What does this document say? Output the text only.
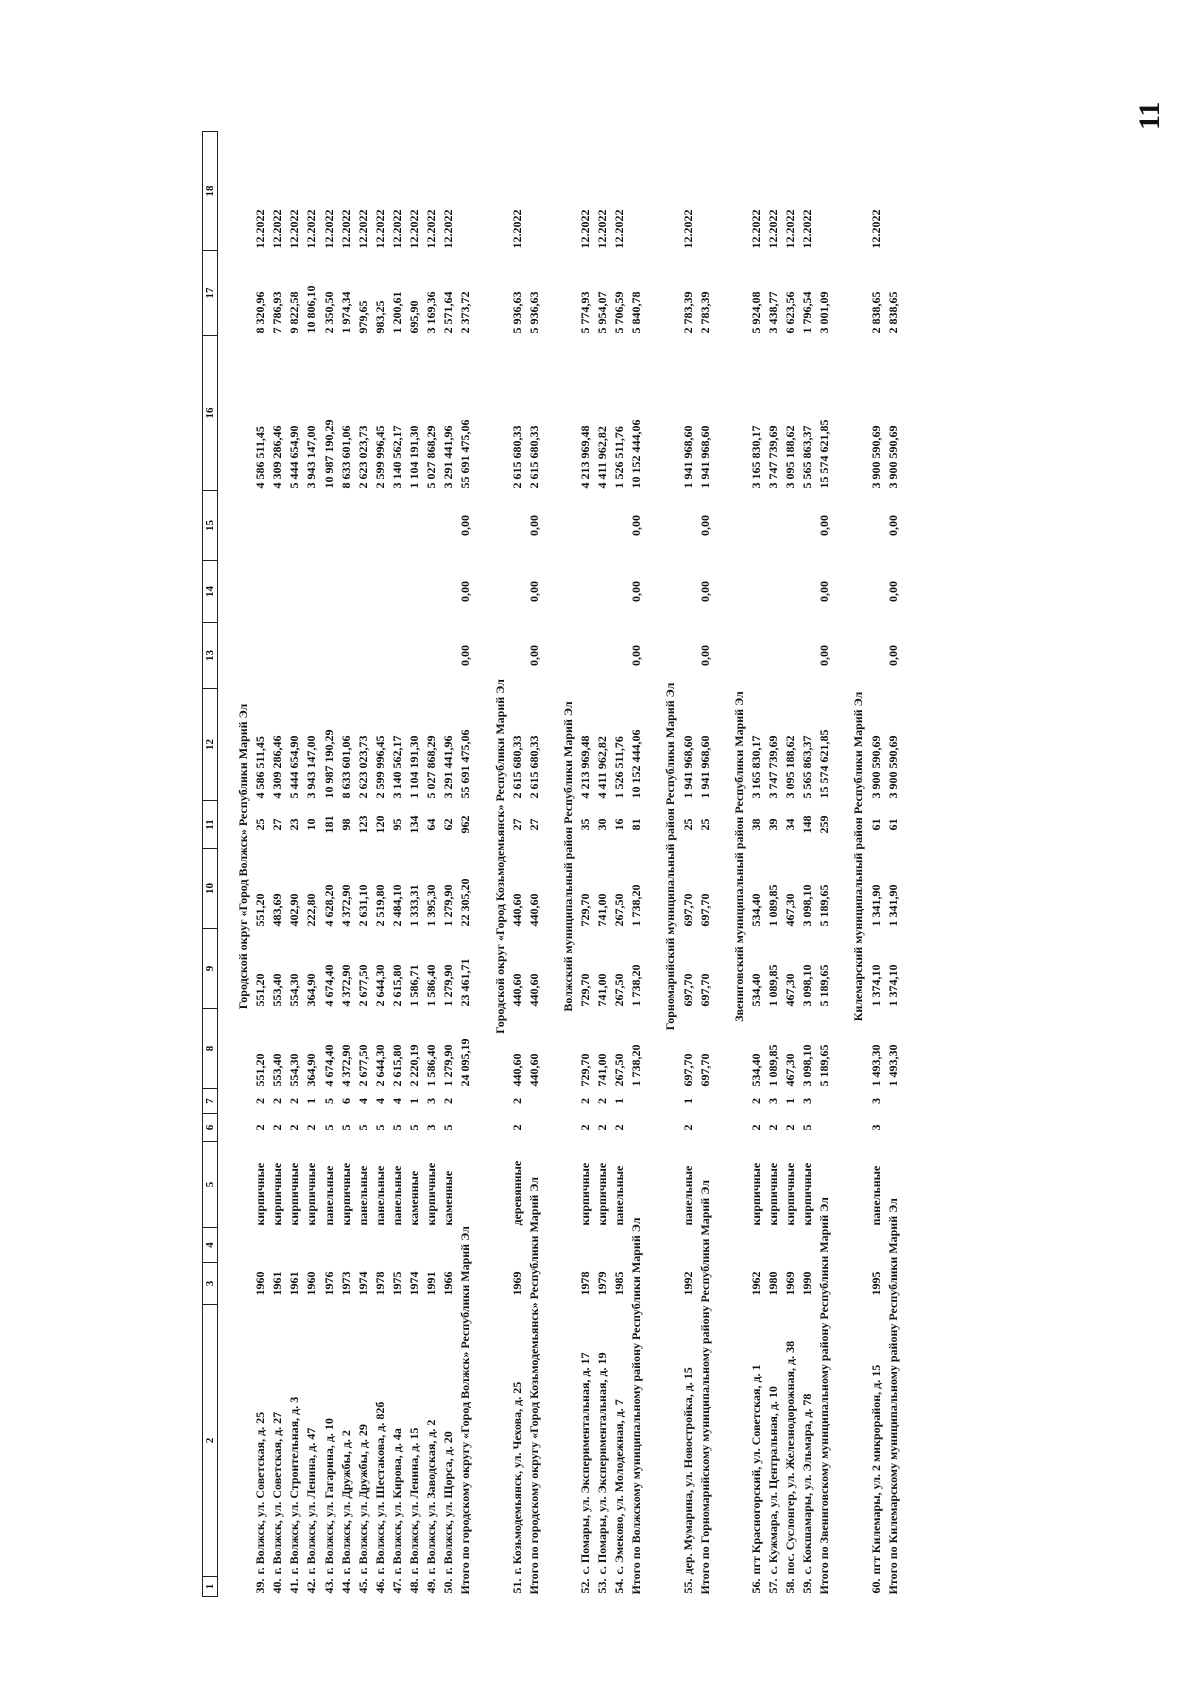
11
1	2	3	4	5	6	7	8	9	10	11	12	13	14	15	16	17	18

							Городской округ «Город Волжск» Республики Марий Эл										
39.	г. Волжск, ул. Советская, д. 25	1960		кирпичные	2	2	551,20	551,20	551,20	25	4 586 511,45				4 586 511,45	8 320,96	12.2022
40.	г. Волжск, ул. Советская, д. 27	1961		кирпичные	2	2	553,40	553,40	483,69	27	4 309 286,46				4 309 286,46	7 786,93	12.2022
41.	г. Волжск, ул. Строительная, д. 3	1961		кирпичные	2	2	554,30	554,30	402,90	23	5 444 654,90				5 444 654,90	9 822,58	12.2022
42.	г. Волжск, ул. Ленина, д. 47	1960		кирпичные	2	1	364,90	364,90	222,80	10	3 943 147,00				3 943 147,00	10 806,10	12.2022
43.	г. Волжск, ул. Гагарина, д. 10	1976		панельные	5	5	4 674,40	4 674,40	4 628,20	181	10 987 190,29				10 987 190,29	2 350,50	12.2022
44.	г. Волжск, ул. Дружбы, д. 2	1973		кирпичные	5	6	4 372,90	4 372,90	4 372,90	98	8 633 601,06				8 633 601,06	1 974,34	12.2022
45.	г. Волжск, ул. Дружбы, д. 29	1974		панельные	5	4	2 677,50	2 677,50	2 631,10	123	2 623 023,73				2 623 023,73	979,65	12.2022
46.	г. Волжск, ул. Шестакова, д. 82б	1978		панельные	5	4	2 644,30	2 644,30	2 519,80	120	2 599 996,45				2 599 996,45	983,25	12.2022
47.	г. Волжск, ул. Кирова, д. 4а	1975		панельные	5	4	2 615,80	2 615,80	2 484,10	95	3 140 562,17				3 140 562,17	1 200,61	12.2022
48.	г. Волжск, ул. Ленина, д. 15	1974		каменные	5	1	2 220,19	1 586,71	1 333,31	134	1 104 191,30				1 104 191,30	695,90	12.2022
49.	г. Волжск, ул. Заводская, д. 2	1991		кирпичные	3	3	1 586,40	1 586,40	1 395,30	64	5 027 868,29				5 027 868,29	3 169,36	12.2022
50.	г. Волжск, ул. Щорса, д. 20	1966		каменные	5	2	1 279,90	1 279,90	1 279,90	62	3 291 441,96				3 291 441,96	2 571,64	12.2022
Итого по городскому округу «Город Волжск» Республики Марий Эл							24 095,19	23 461,71	22 305,20	962	55 691 475,06	0,00	0,00	0,00	55 691 475,06	2 373,72	

							Городской округ «Город Козьмодемьянск» Республики Марий Эл										
51.	г. Козьмодемьянск, ул. Чехова, д. 25	1969		деревянные	2	2	440,60	440,60	440,60	27	2 615 680,33				2 615 680,33	5 936,63	12.2022
Итого по городскому округу «Город Козьмодемьянск» Республики Марий Эл							440,60	440,60	440,60	27	2 615 680,33	0,00	0,00	0,00	2 615 680,33	5 936,63	

							Волжский муниципальный район Республики Марий Эл										
52.	с. Помары, ул. Экспериментальная, д. 17	1978		кирпичные	2	2	729,70	729,70	729,70	35	4 213 969,48				4 213 969,48	5 774,93	12.2022
53.	с. Помары, ул. Экспериментальная, д. 19	1979		кирпичные	2	2	741,00	741,00	741,00	30	4 411 962,82				4 411 962,82	5 954,07	12.2022
54.	с. Эмеково, ул. Молодежная, д. 7	1985		панельные	2	1	267,50	267,50	267,50	16	1 526 511,76				1 526 511,76	5 706,59	12.2022
Итого по Волжскому муниципальному району Республики Марий Эл							1 738,20	1 738,20	1 738,20	81	10 152 444,06	0,00	0,00	0,00	10 152 444,06	5 840,78	

							Горномарийский муниципальный район Республики Марий Эл										
55.	дер. Мумарина, ул. Новостройка, д. 15	1992		панельные	2	1	697,70	697,70	697,70	25	1 941 968,60				1 941 968,60	2 783,39	12.2022
Итого по Горномарийскому муниципальному району Республики Марий Эл							697,70	697,70	697,70	25	1 941 968,60	0,00	0,00	0,00	1 941 968,60	2 783,39	

							Звениговский муниципальный район Республики Марий Эл										
56.	пгт Красногорский, ул. Советская, д. 1	1962		кирпичные	2	2	534,40	534,40	534,40	38	3 165 830,17				3 165 830,17	5 924,08	12.2022
57.	с. Кужмара, ул. Центральная, д. 10	1980		кирпичные	2	3	1 089,85	1 089,85	1 089,85	39	3 747 739,69				3 747 739,69	3 438,77	12.2022
58.	пос. Суслонгер, ул. Железнодорожная, д. 38	1969		кирпичные	2	1	467,30	467,30	467,30	34	3 095 188,62				3 095 188,62	6 623,56	12.2022
59.	с. Кокшамары, ул. Эльмара, д. 78	1990		кирпичные	5	3	3 098,10	3 098,10	3 098,10	148	5 565 863,37				5 565 863,37	1 796,54	12.2022
Итого по Звениговскому муниципальному району Республики Марий Эл							5 189,65	5 189,65	5 189,65	259	15 574 621,85	0,00	0,00	0,00	15 574 621,85	3 001,09	

							Килемарский муниципальный район Республики Марий Эл										
60.	пгт Килемары, ул. 2 микрорайон, д. 15	1995		панельные	3	3	1 493,30	1 374,10	1 341,90	61	3 900 590,69				3 900 590,69	2 838,65	12.2022
Итого по Килемарскому муниципальному району Республики Марий Эл							1 493,30	1 374,10	1 341,90	61	3 900 590,69	0,00	0,00	0,00	3 900 590,69	2 838,65	
